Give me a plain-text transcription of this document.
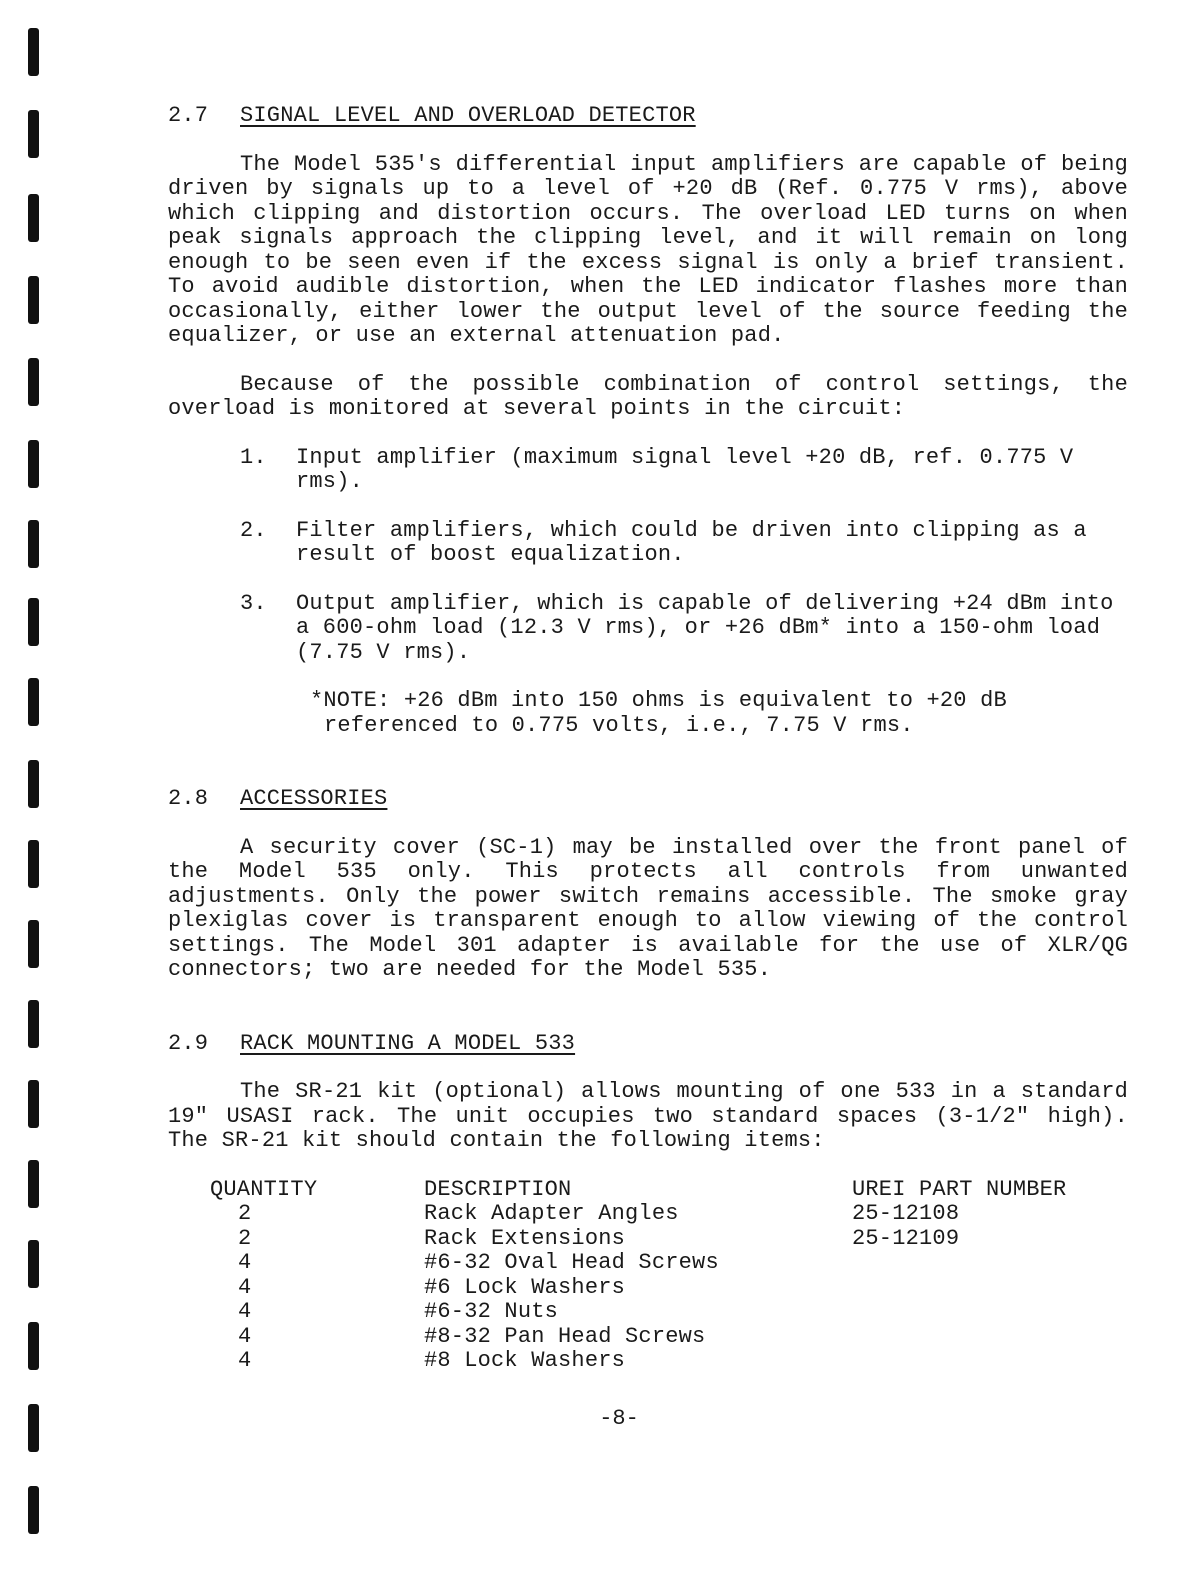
2.7	SIGNAL LEVEL AND OVERLOAD DETECTOR

The Model 535's differential input amplifiers are capable of being driven by signals up to a level of +20 dB (Ref. 0.775 V rms), above which clipping and distortion occurs. The overload LED turns on when peak signals approach the clipping level, and it will remain on long enough to be seen even if the excess signal is only a brief transient. To avoid audible distortion, when the LED indicator flashes more than occasionally, either lower the output level of the source feeding the equalizer, or use an external attenuation pad.

Because of the possible combination of control settings, the overload is monitored at several points in the circuit:

1.	Input amplifier (maximum signal level +20 dB, ref. 0.775 V rms).
2.	Filter amplifiers, which could be driven into clipping as a result of boost equalization.
3.	Output amplifier, which is capable of delivering +24 dBm into a 600-ohm load (12.3 V rms), or +26 dBm* into a 150-ohm load (7.75 V rms).
*NOTE: +26 dBm into 150 ohms is equivalent to +20 dB
referenced to 0.775 volts, i.e., 7.75 V rms.
2.8	ACCESSORIES

A security cover (SC-1) may be installed over the front panel of the Model 535 only. This protects all controls from unwanted adjustments. Only the power switch remains accessible. The smoke gray plexiglas cover is transparent enough to allow viewing of the control settings. The Model 301 adapter is available for the use of XLR/QG connectors; two are needed for the Model 535.

2.9	RACK MOUNTING A MODEL 533

The SR-21 kit (optional) allows mounting of one 533 in a standard 19" USASI rack. The unit occupies two standard spaces (3-1/2" high). The SR-21 kit should contain the following items:

QUANTITY	DESCRIPTION	UREI PART NUMBER
2	Rack Adapter Angles	25-12108
2	Rack Extensions	25-12109
4	#6-32 Oval Head Screws	
4	#6 Lock Washers	
4	#6-32 Nuts	
4	#8-32 Pan Head Screws	
4	#8 Lock Washers	
-8-
